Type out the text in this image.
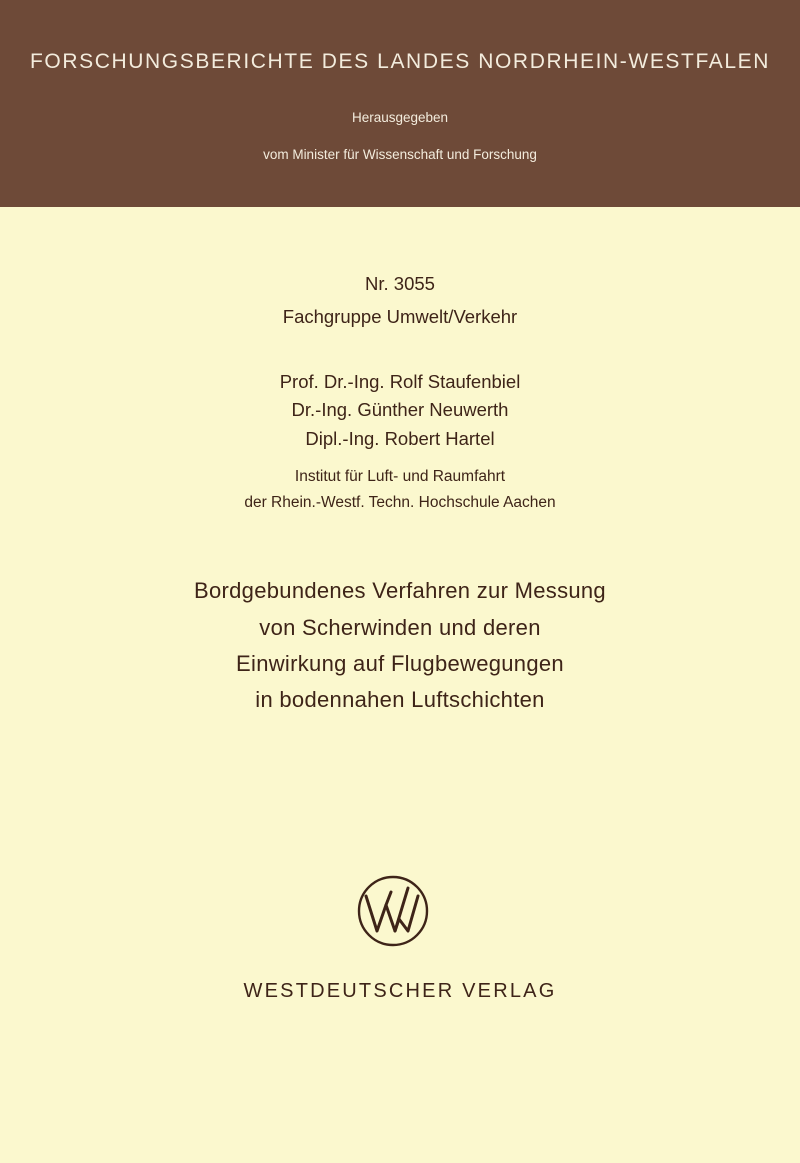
FORSCHUNGSBERICHTE DES LANDES NORDRHEIN-WESTFALEN
Herausgegeben
vom Minister für Wissenschaft und Forschung
Nr. 3055
Fachgruppe Umwelt/Verkehr
Prof. Dr.-Ing. Rolf Staufenbiel
Dr.-Ing. Günther Neuwerth
Dipl.-Ing. Robert Hartel
Institut für Luft- und Raumfahrt
der Rhein.-Westf. Techn. Hochschule Aachen
Bordgebundenes Verfahren zur Messung
von Scherwinden und deren
Einwirkung auf Flugbewegungen
in bodennahen Luftschichten
WESTDEUTSCHER VERLAG
